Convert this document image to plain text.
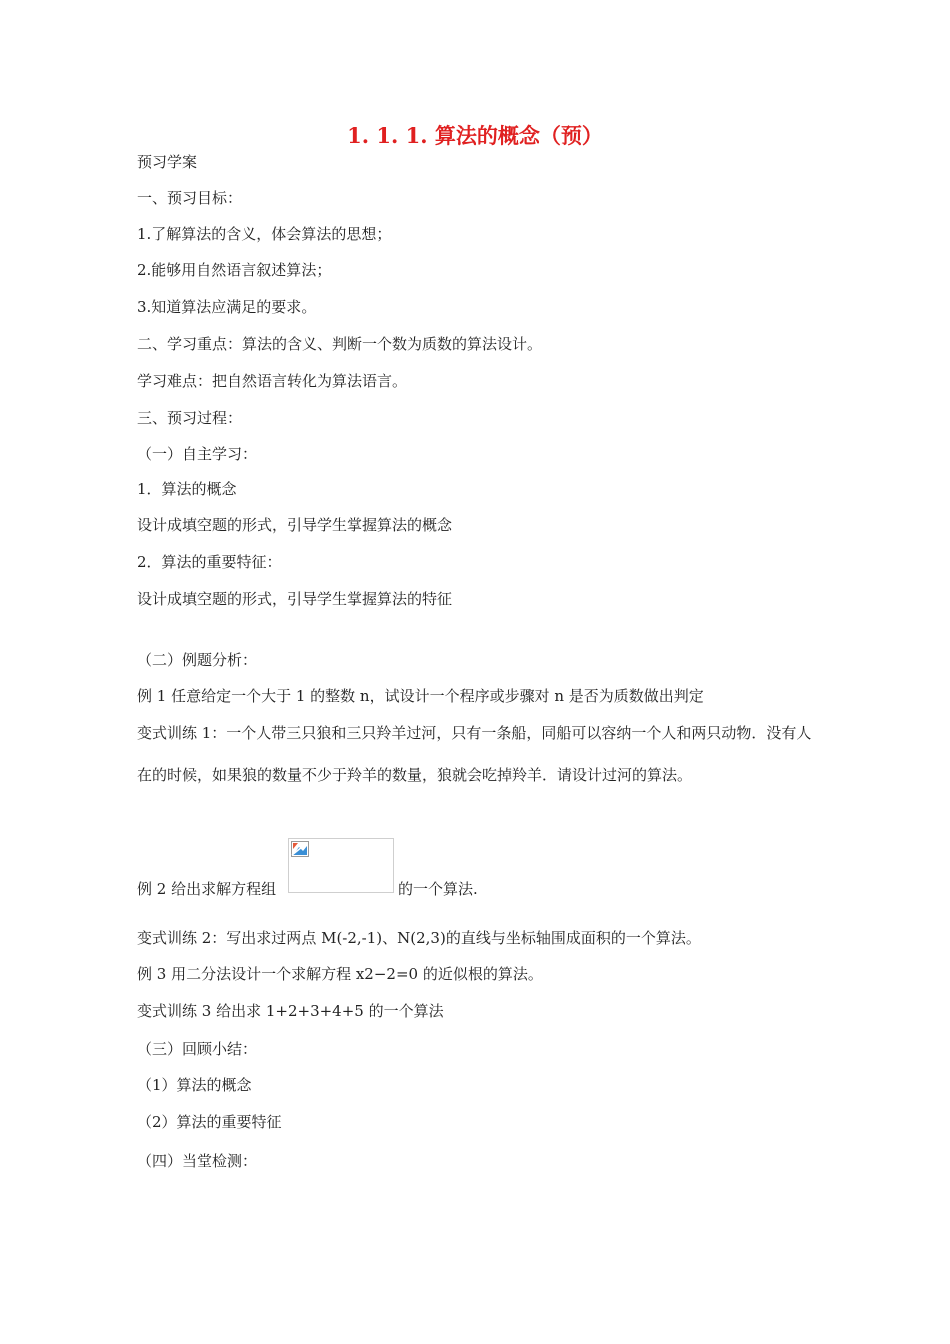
1. 1. 1. 算法的概念（预）
预习学案
一、预习目标：
1.了解算法的含义，体会算法的思想；
2.能够用自然语言叙述算法；
3.知道算法应满足的要求。
二、学习重点：算法的含义、判断一个数为质数的算法设计。
学习难点：把自然语言转化为算法语言。
三、预习过程：
（一）自主学习：
1．算法的概念
设计成填空题的形式，引导学生掌握算法的概念
2．算法的重要特征：
设计成填空题的形式，引导学生掌握算法的特征
（二）例题分析：
例 1 任意给定一个大于 1 的整数 n，试设计一个程序或步骤对 n 是否为质数做出判定
变式训练 1：一个人带三只狼和三只羚羊过河，只有一条船，同船可以容纳一个人和两只动物．没有人在的时候，如果狼的数量不少于羚羊的数量，狼就会吃掉羚羊．请设计过河的算法。
例 2 给出求解方程组	的一个算法.
变式训练 2：写出求过两点 M(-2,-1)、N(2,3)的直线与坐标轴围成面积的一个算法。
例 3 用二分法设计一个求解方程 x2−2=0 的近似根的算法。
变式训练 3 给出求 1+2+3+4+5 的一个算法
（三）回顾小结：
（1）算法的概念
（2）算法的重要特征
（四）当堂检测：
